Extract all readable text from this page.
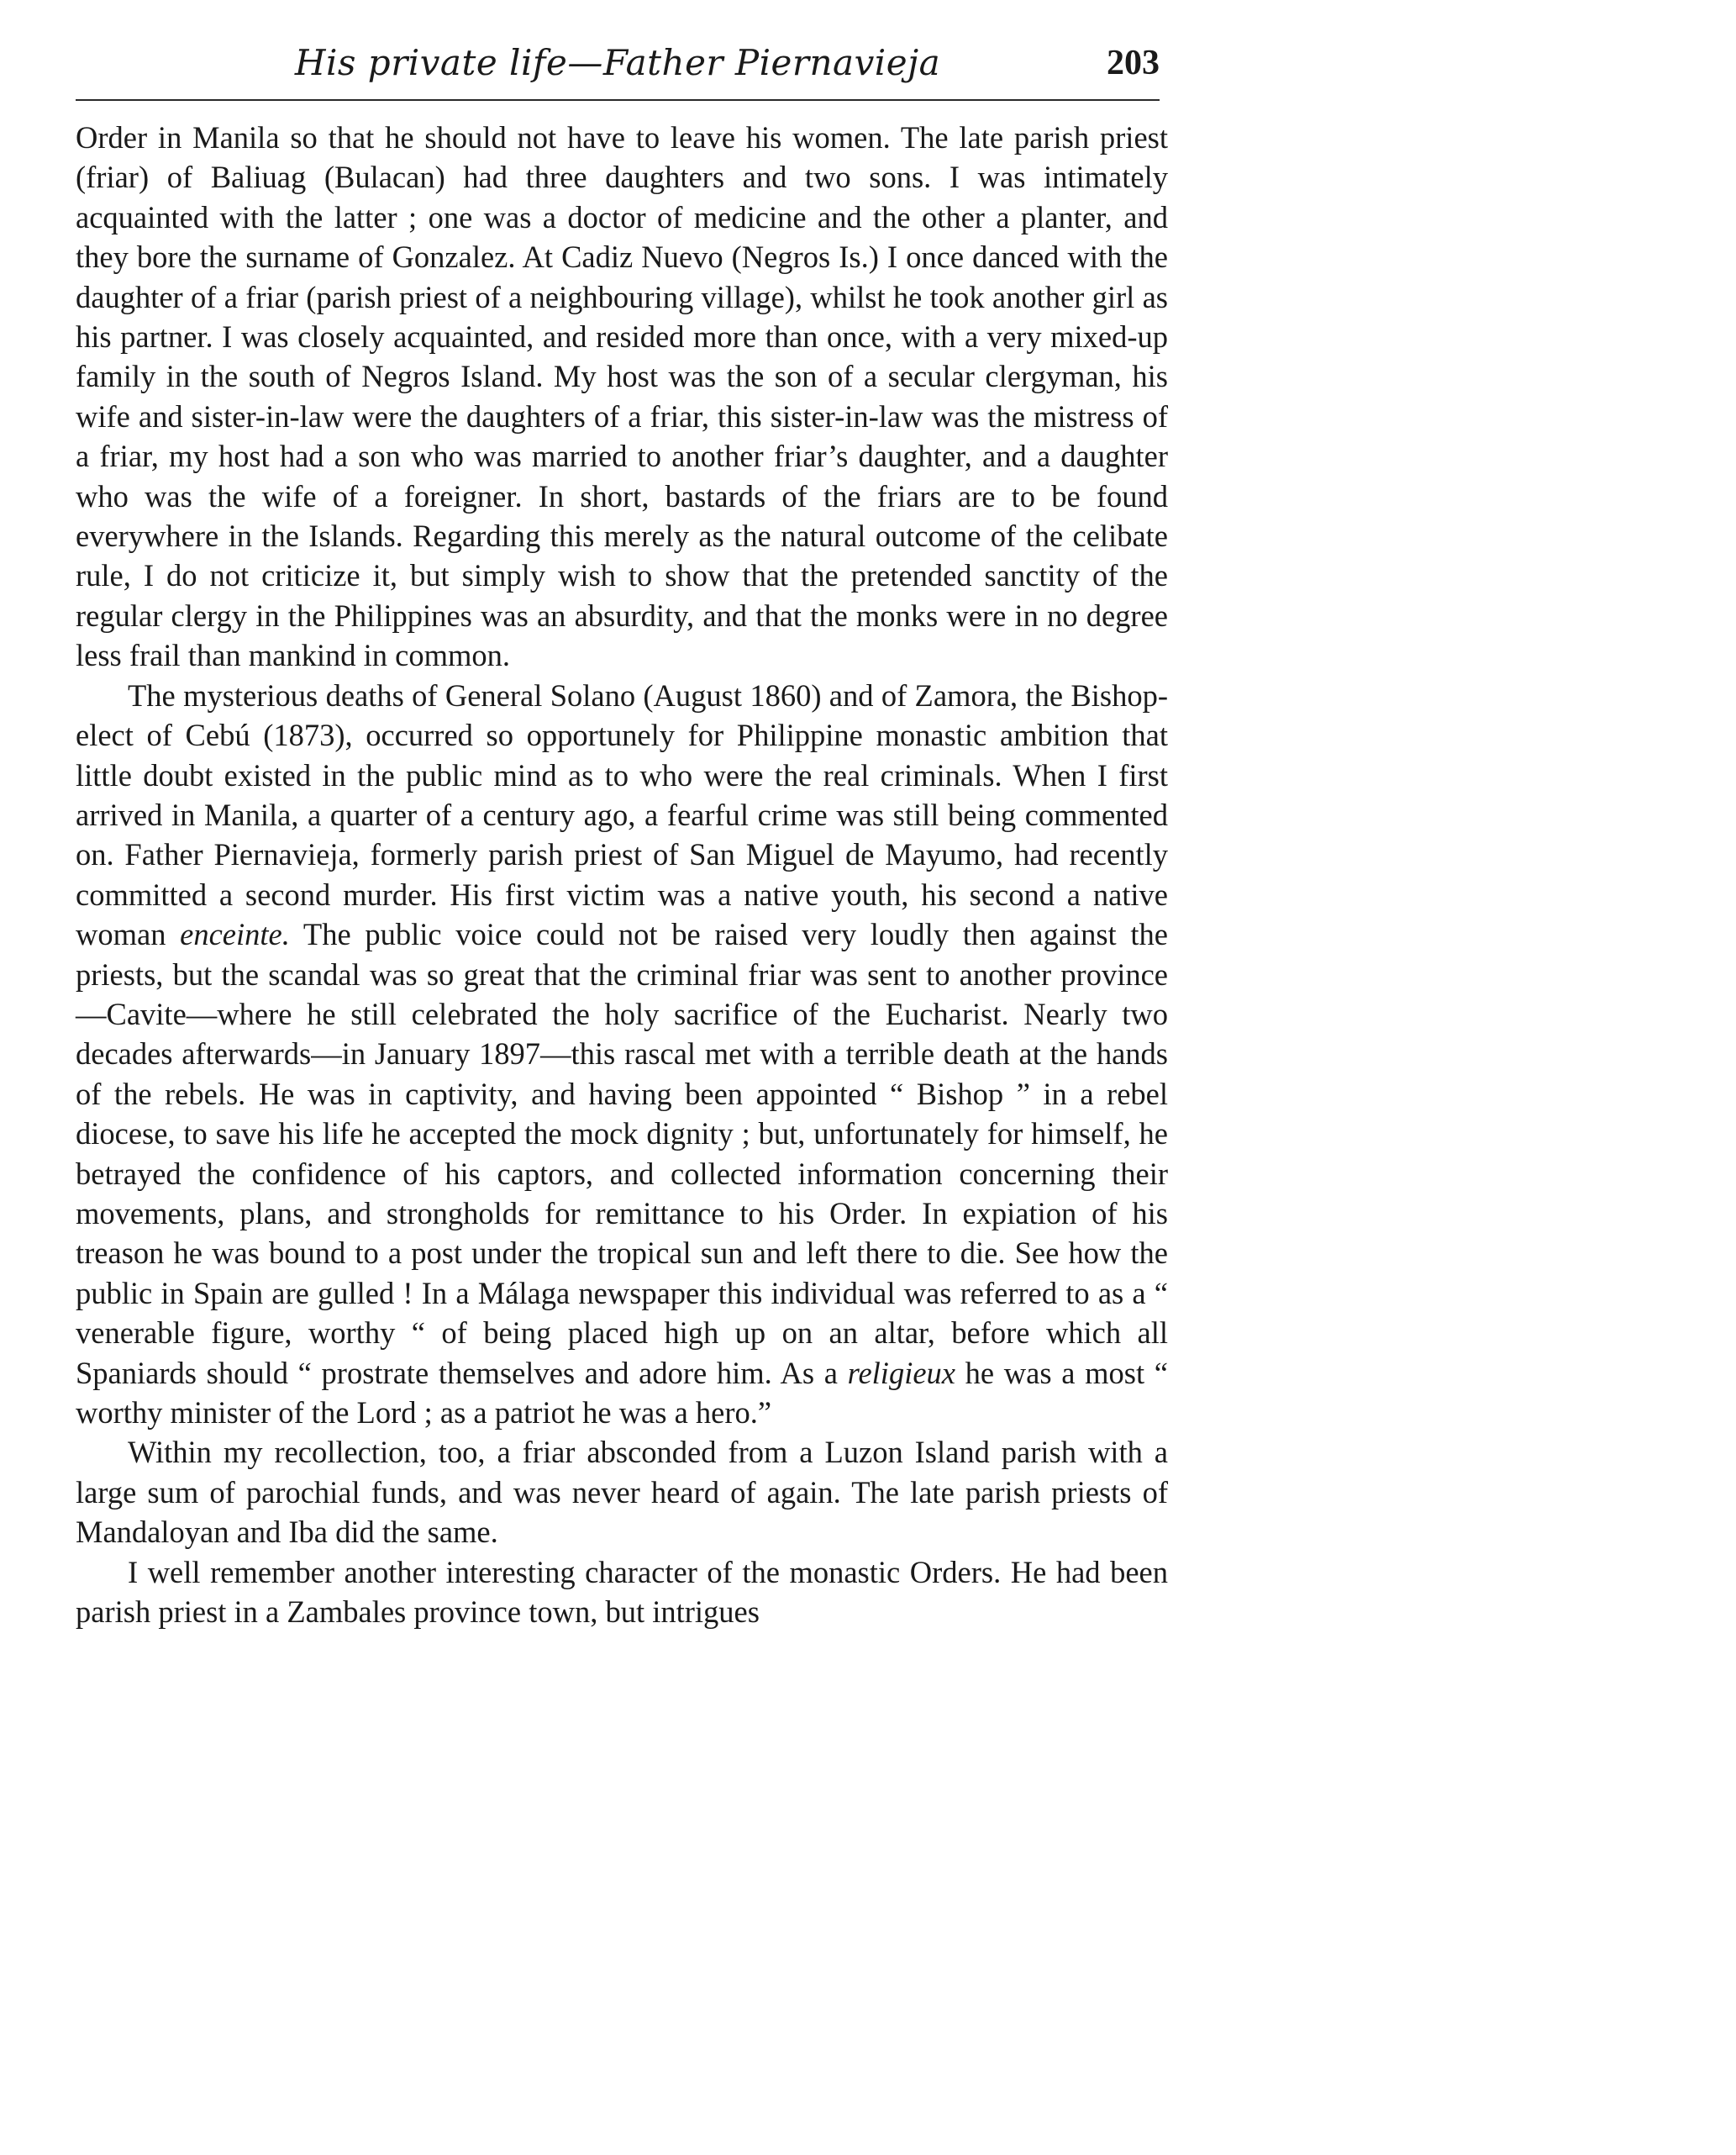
His private life—Father Piernavieja	203

Order in Manila so that he should not have to leave his women. The late parish priest (friar) of Baliuag (Bulacan) had three daughters and two sons. I was intimately acquainted with the latter ; one was a doctor of medicine and the other a planter, and they bore the surname of Gonzalez. At Cadiz Nuevo (Negros Is.) I once danced with the daughter of a friar (parish priest of a neighbouring village), whilst he took another girl as his partner. I was closely acquainted, and resided more than once, with a very mixed-up family in the south of Negros Island. My host was the son of a secular clergyman, his wife and sister-in-law were the daughters of a friar, this sister-in-law was the mistress of a friar, my host had a son who was married to another friar’s daughter, and a daughter who was the wife of a foreigner. In short, bastards of the friars are to be found everywhere in the Islands. Regarding this merely as the natural outcome of the celibate rule, I do not criticize it, but simply wish to show that the pretended sanctity of the regular clergy in the Philippines was an absurdity, and that the monks were in no degree less frail than mankind in common.

The mysterious deaths of General Solano (August 1860) and of Zamora, the Bishop-elect of Cebú (1873), occurred so opportunely for Philippine monastic ambition that little doubt existed in the public mind as to who were the real criminals. When I first arrived in Manila, a quarter of a century ago, a fearful crime was still being commented on. Father Piernavieja, formerly parish priest of San Miguel de Mayumo, had recently committed a second murder. His first victim was a native youth, his second a native woman enceinte. The public voice could not be raised very loudly then against the priests, but the scandal was so great that the criminal friar was sent to another province—Cavite—where he still celebrated the holy sacrifice of the Eucharist. Nearly two decades afterwards—in January 1897—this rascal met with a terrible death at the hands of the rebels. He was in captivity, and having been appointed “ Bishop ” in a rebel diocese, to save his life he accepted the mock dignity ; but, unfortunately for himself, he betrayed the confidence of his captors, and collected information concerning their movements, plans, and strongholds for remittance to his Order. In expiation of his treason he was bound to a post under the tropical sun and left there to die. See how the public in Spain are gulled ! In a Málaga newspaper this individual was referred to as a “ venerable figure, worthy “ of being placed high up on an altar, before which all Spaniards should “ prostrate themselves and adore him. As a religieux he was a most “ worthy minister of the Lord ; as a patriot he was a hero.”

Within my recollection, too, a friar absconded from a Luzon Island parish with a large sum of parochial funds, and was never heard of again. The late parish priests of Mandaloyan and Iba did the same.

I well remember another interesting character of the monastic Orders. He had been parish priest in a Zambales province town, but intrigues
